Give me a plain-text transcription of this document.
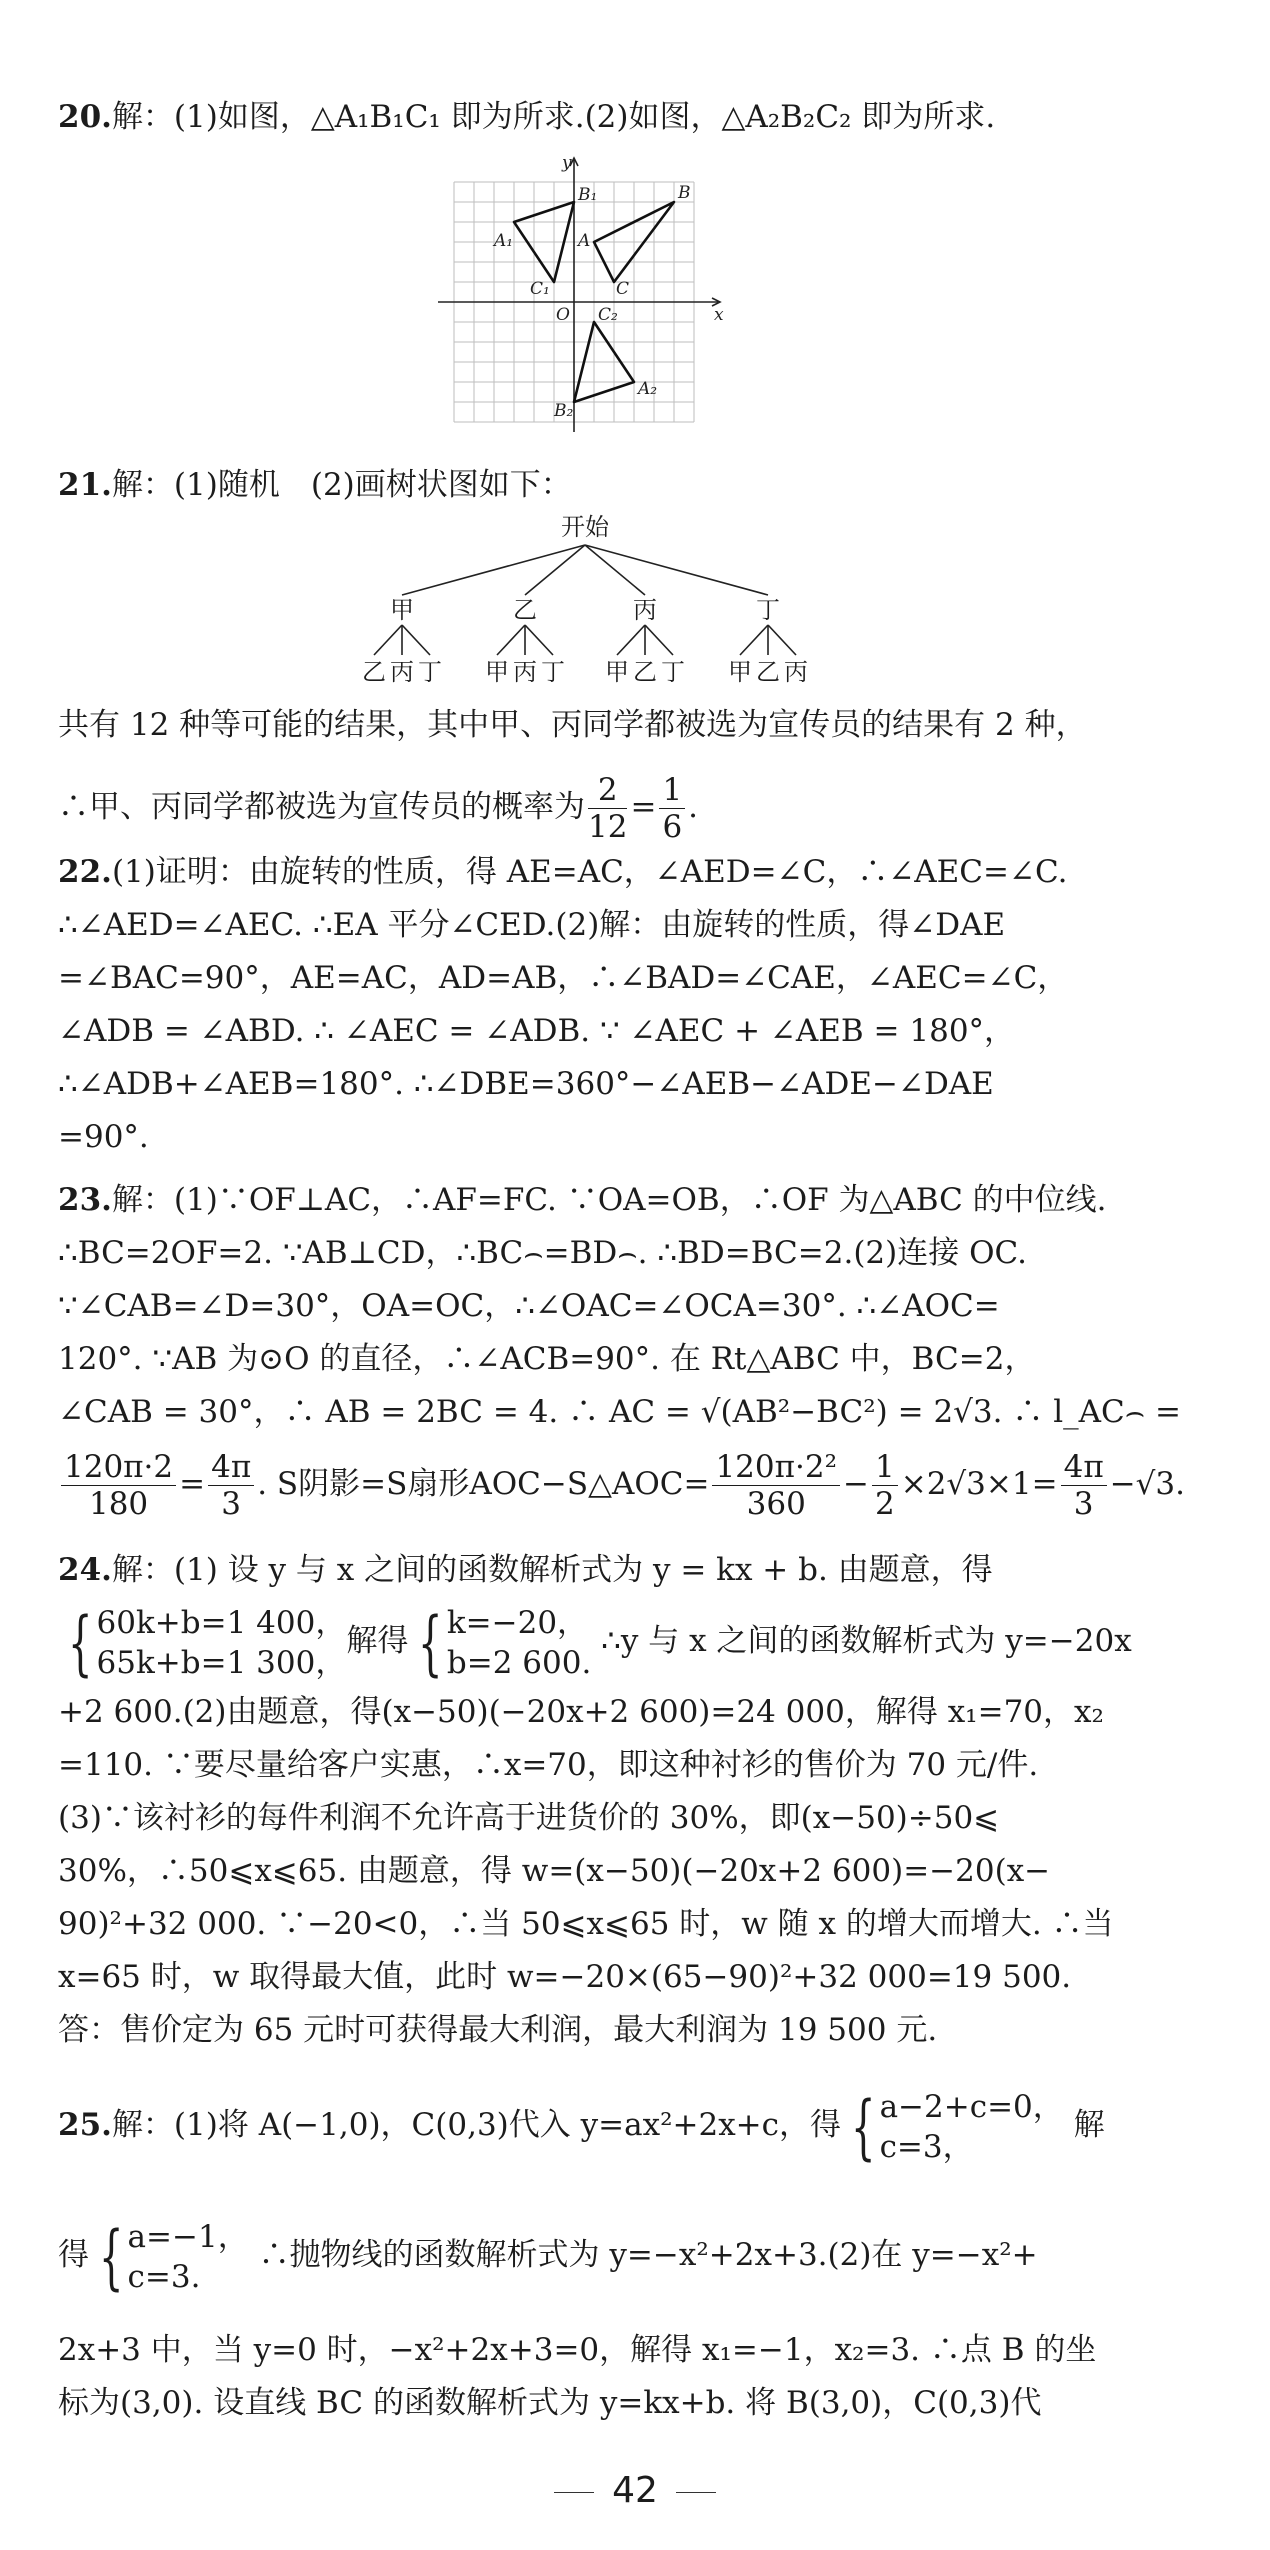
20.解：(1)如图，△A₁B₁C₁ 即为所求.(2)如图，△A₂B₂C₂ 即为所求.
y
x
O
B₁
A₁
C₁
B
A
C
C₂
A₂
B₂
21.解：(1)随机　(2)画树状图如下：
开始
甲	乙	丙	丁
乙 丙 丁 甲 丙 丁 甲 乙 丁 甲 乙 丙
共有 12 种等可能的结果，其中甲、丙同学都被选为宣传员的结果有 2 种，
∴甲、丙同学都被选为宣传员的概率为 $\frac{2}{12} = \frac{1}{6}$ .
22.(1)证明：由旋转的性质，得 AE=AC，∠AED=∠C，∴∠AEC=∠C.
∴∠AED=∠AEC. ∴EA 平分∠CED.(2)解：由旋转的性质，得∠DAE
=∠BAC=90°，AE=AC，AD=AB，∴∠BAD=∠CAE，∠AEC=∠C，
∠ADB = ∠ABD. ∴ ∠AEC = ∠ADB. ∵ ∠AEC + ∠AEB = 180°，
∴∠ADB+∠AEB=180°. ∴∠DBE=360°−∠AEB−∠ADE−∠DAE
=90°.
23.解：(1)∵OF⊥AC，∴AF=FC. ∵OA=OB，∴OF 为△ABC 的中位线.
∴BC=2OF=2. ∵AB⊥CD，∴BC⌢=BD⌢. ∴BD=BC=2.(2)连接 OC.
∵∠CAB=∠D=30°，OA=OC，∴∠OAC=∠OCA=30°. ∴∠AOC=
120°. ∵AB 为⊙O 的直径，∴∠ACB=90°. 在 Rt△ABC 中，BC=2，
∠CAB = 30°，∴ AB = 2BC = 4. ∴ AC = √(AB²−BC²) = 2√3. ∴ l_AC⌢ =
$\frac{120\pi\cdot 2}{180} = \frac{4\pi}{3}$ . S阴影=S扇形AOC−S△AOC= $\frac{\text{120π·2²}}{360} - \frac{1}{2} \times 2√3\times 1= \frac{4\pi}{3} -√3$.
24.解：(1) 设 y 与 x 之间的函数解析式为 y = kx + b. 由题意，得
{ 60k+b=1 400，
65k+b=1 300，
解得 { k=−20，
b=2 600.
∴y 与 x 之间的函数解析式为 y=−20x
+2 600.(2)由题意，得(x−50)(−20x+2 600)=24 000，解得 x₁=70，x₂
=110. ∵要尽量给客户实惠，∴x=70，即这种衬衫的售价为 70 元/件.
(3)∵该衬衫的每件利润不允许高于进货价的 30%，即(x−50)÷50⩽
30%，∴50⩽x⩽65. 由题意，得 w=(x−50)(−20x+2 600)=−20(x−
90)²+32 000. ∵−20<0，∴当 50⩽x⩽65 时，w 随 x 的增大而增大. ∴当
x=65 时，w 取得最大值，此时 w=−20×(65−90)²+32 000=19 500.
答：售价定为 65 元时可获得最大利润，最大利润为 19 500 元.
25.解：(1)将 A(−1,0)，C(0,3)代入 y=ax²+2x+c，得 { a−2+c=0，
c=3，
解
得 { a=−1，
c=3.
∴抛物线的函数解析式为 y=−x²+2x+3.(2)在 y=−x²+
2x+3 中，当 y=0 时，−x²+2x+3=0，解得 x₁=−1，x₂=3. ∴点 B 的坐
标为(3,0). 设直线 BC 的函数解析式为 y=kx+b. 将 B(3,0)，C(0,3)代
42
